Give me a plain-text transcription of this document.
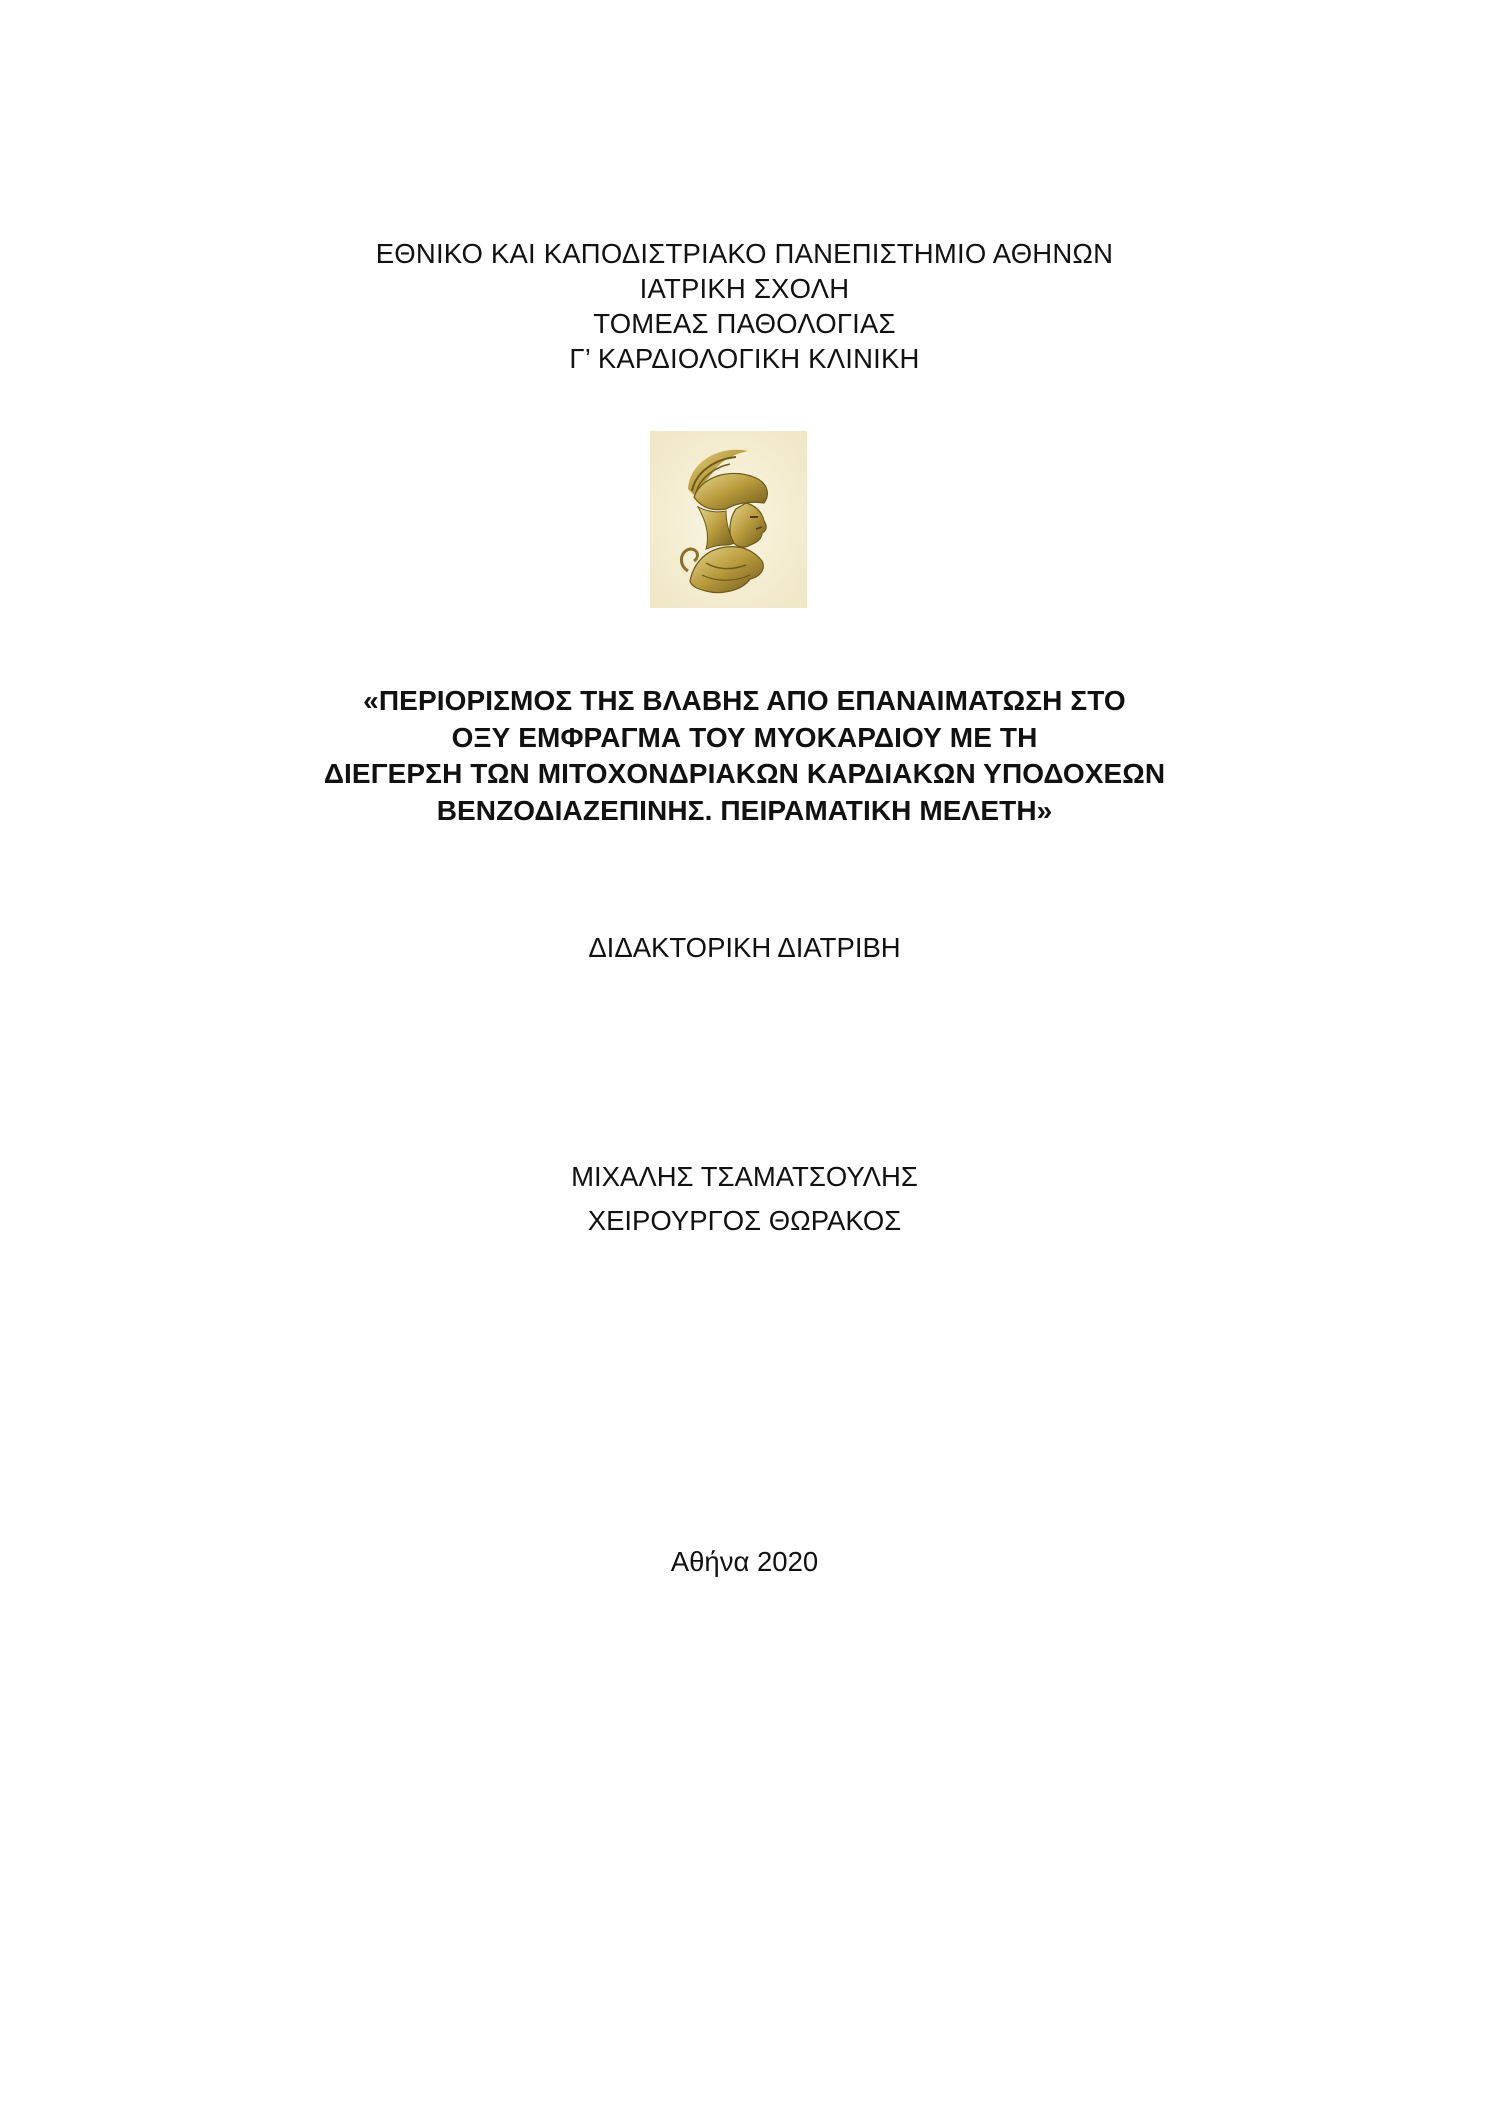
ΕΘΝΙΚΟ ΚΑΙ ΚΑΠΟΔΙΣΤΡΙΑΚΟ ΠΑΝΕΠΙΣΤΗΜΙΟ ΑΘΗΝΩΝ
ΙΑΤΡΙΚΗ ΣΧΟΛΗ
ΤΟΜΕΑΣ ΠΑΘΟΛΟΓΙΑΣ
Γ’ ΚΑΡΔΙΟΛΟΓΙΚΗ ΚΛΙΝΙΚΗ
«ΠΕΡΙΟΡΙΣΜΟΣ ΤΗΣ ΒΛΑΒΗΣ ΑΠΟ ΕΠΑΝΑΙΜΑΤΩΣΗ ΣΤΟ
ΟΞΥ ΕΜΦΡΑΓΜΑ ΤΟΥ ΜΥΟΚΑΡΔΙΟΥ ΜΕ ΤΗ
ΔΙΕΓΕΡΣΗ ΤΩΝ ΜΙΤΟΧΟΝΔΡΙΑΚΩΝ ΚΑΡΔΙΑΚΩΝ ΥΠΟΔΟΧΕΩΝ
ΒΕΝΖΟΔΙΑΖΕΠΙΝΗΣ. ΠΕΙΡΑΜΑΤΙΚΗ ΜΕΛΕΤΗ»
ΔΙΔΑΚΤΟΡΙΚΗ ΔΙΑΤΡΙΒΗ
ΜΙΧΑΛΗΣ ΤΣΑΜΑΤΣΟΥΛΗΣ
ΧΕΙΡΟΥΡΓΟΣ ΘΩΡΑΚΟΣ
Αθήνα 2020
